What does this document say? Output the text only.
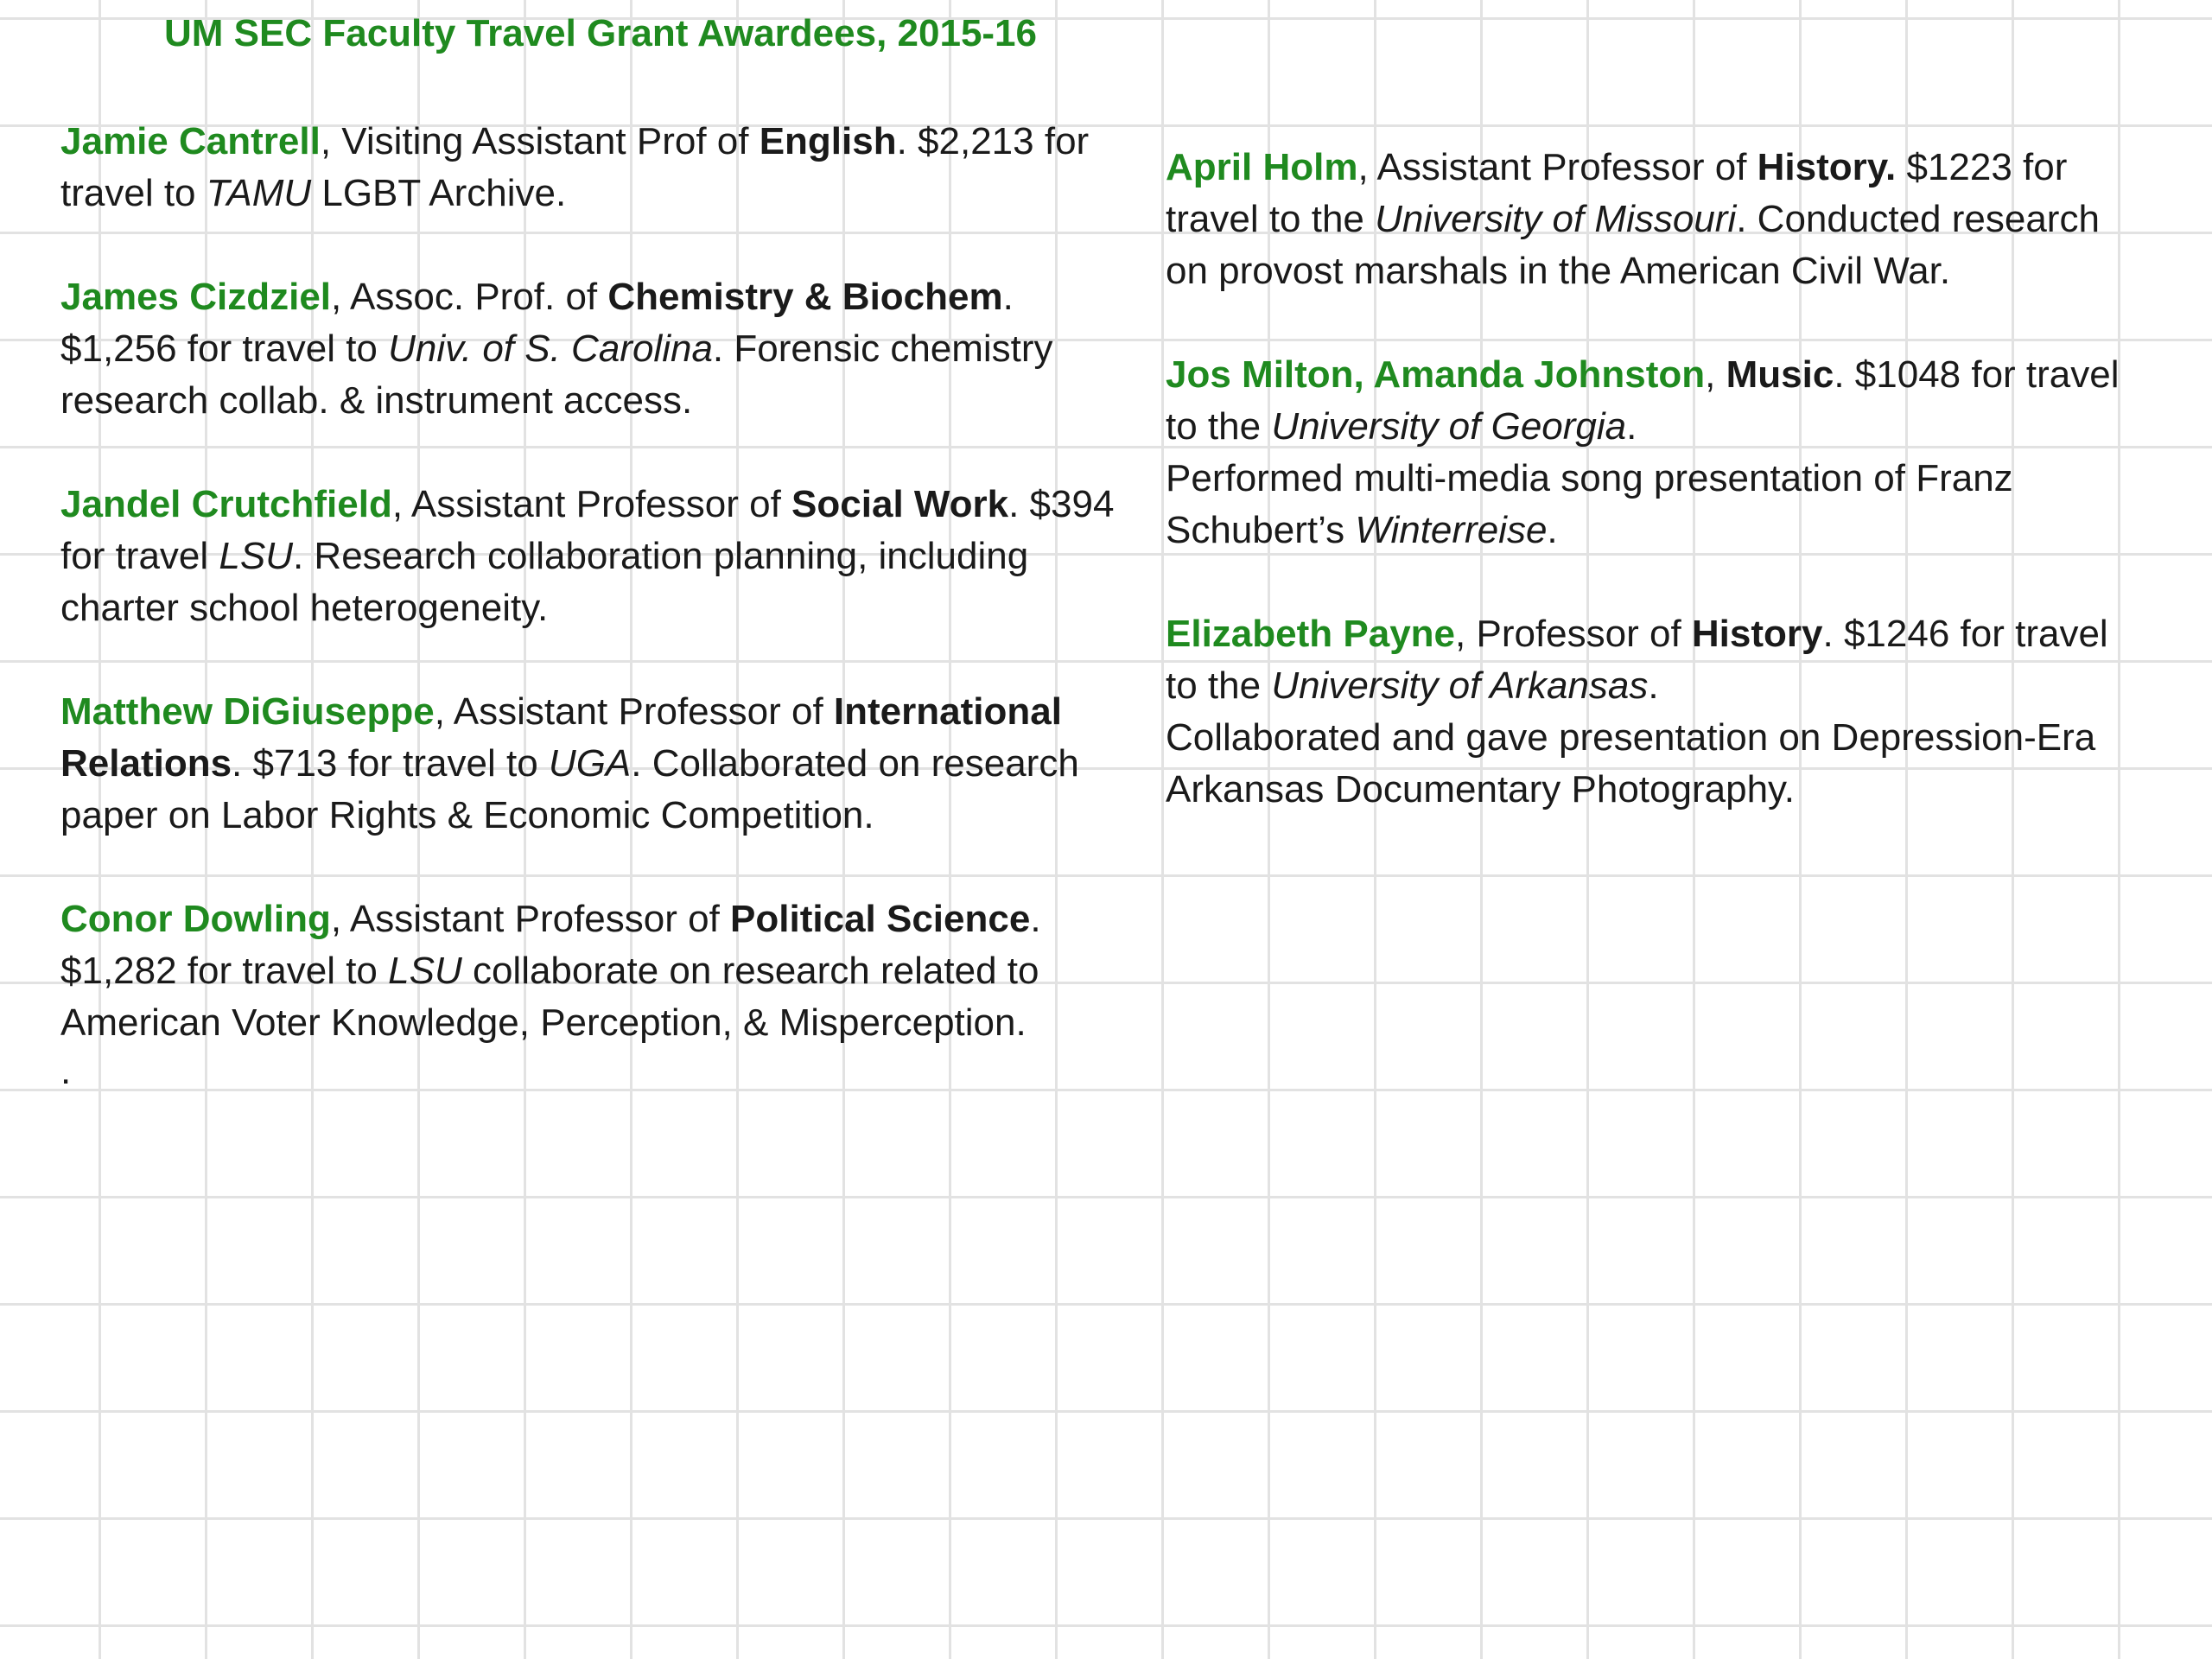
UM SEC Faculty Travel Grant Awardees, 2015-16

Jamie Cantrell, Visiting Assistant Prof of English. $2,213 for travel to TAMU LGBT Archive.

James Cizdziel, Assoc. Prof. of Chemistry & Biochem. $1,256 for travel to Univ. of S. Carolina. Forensic chemistry research collab. & instrument access.

Jandel Crutchfield, Assistant Professor of Social Work. $394 for travel LSU. Research collaboration planning, including charter school heterogeneity.

Matthew DiGiuseppe, Assistant Professor of International Relations. $713 for travel to UGA. Collaborated on research paper on Labor Rights & Economic Competition.

Conor Dowling, Assistant Professor of Political Science. $1,282 for travel to LSU collaborate on research related to American Voter Knowledge, Perception, & Misperception.

.

April Holm, Assistant Professor of History. $1223 for travel to the University of Missouri. Conducted research on provost marshals in the American Civil War.

Jos Milton, Amanda Johnston, Music. $1048 for travel to the University of Georgia.
Performed multi-media song presentation of Franz Schubert’s Winterreise.

Elizabeth Payne, Professor of History. $1246 for travel to the University of Arkansas.
Collaborated and gave presentation on Depression-Era Arkansas Documentary Photography.
